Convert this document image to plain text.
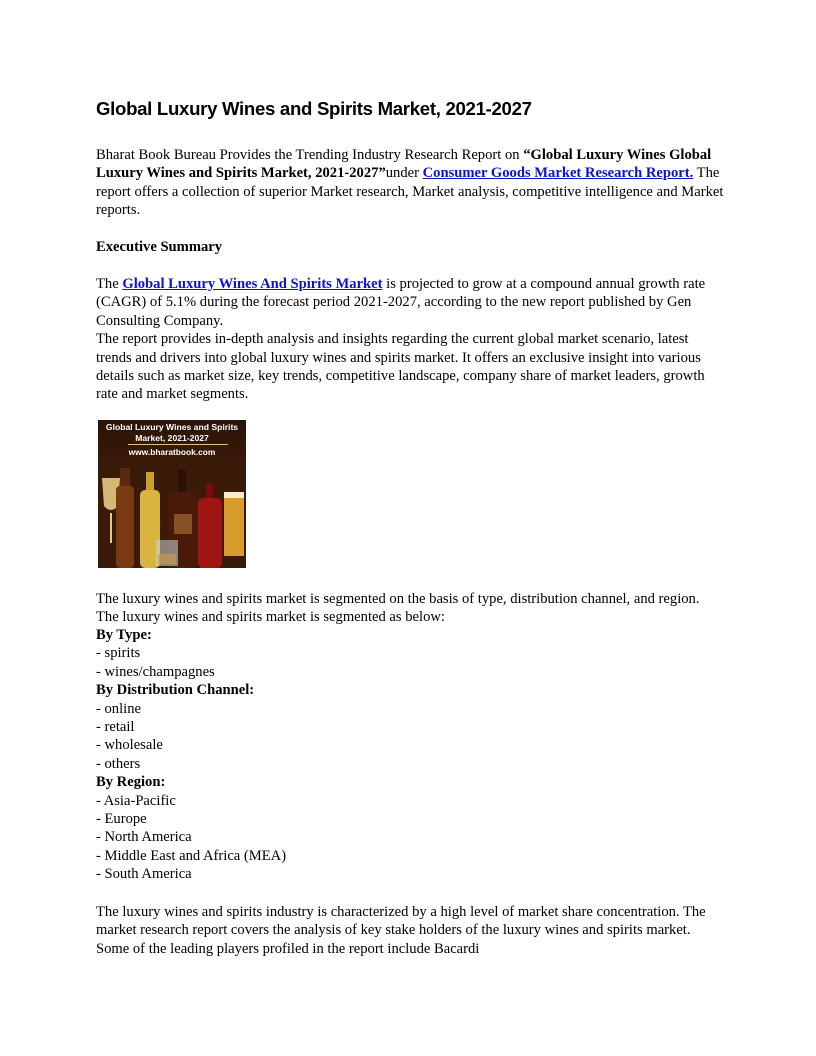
Global Luxury Wines and Spirits Market, 2021-2027

Bharat Book Bureau Provides the Trending Industry Research Report on “Global Luxury Wines Global Luxury Wines and Spirits Market, 2021-2027”under Consumer Goods Market Research Report. The report offers a collection of superior Market research, Market analysis, competitive intelligence and Market reports.

Executive Summary

The Global Luxury Wines And Spirits Market is projected to grow at a compound annual growth rate (CAGR) of 5.1% during the forecast period 2021-2027, according to the new report published by Gen Consulting Company.
The report provides in-depth analysis and insights regarding the current global market scenario, latest trends and drivers into global luxury wines and spirits market. It offers an exclusive insight into various details such as market size, key trends, competitive landscape, company share of market leaders, growth rate and market segments.

The luxury wines and spirits market is segmented on the basis of type, distribution channel, and region. The luxury wines and spirits market is segmented as below:

By Type:
- spirits
- wines/champagnes
By Distribution Channel:
- online
- retail
- wholesale
- others
By Region:
- Asia-Pacific
- Europe
- North America
- Middle East and Africa (MEA)
- South America

The luxury wines and spirits industry is characterized by a high level of market share concentration. The market research report covers the analysis of key stake holders of the luxury wines and spirits market. Some of the leading players profiled in the report include Bacardi

Global Luxury Wines and Spirits
Market, 2021-2027
www.bharatbook.com
